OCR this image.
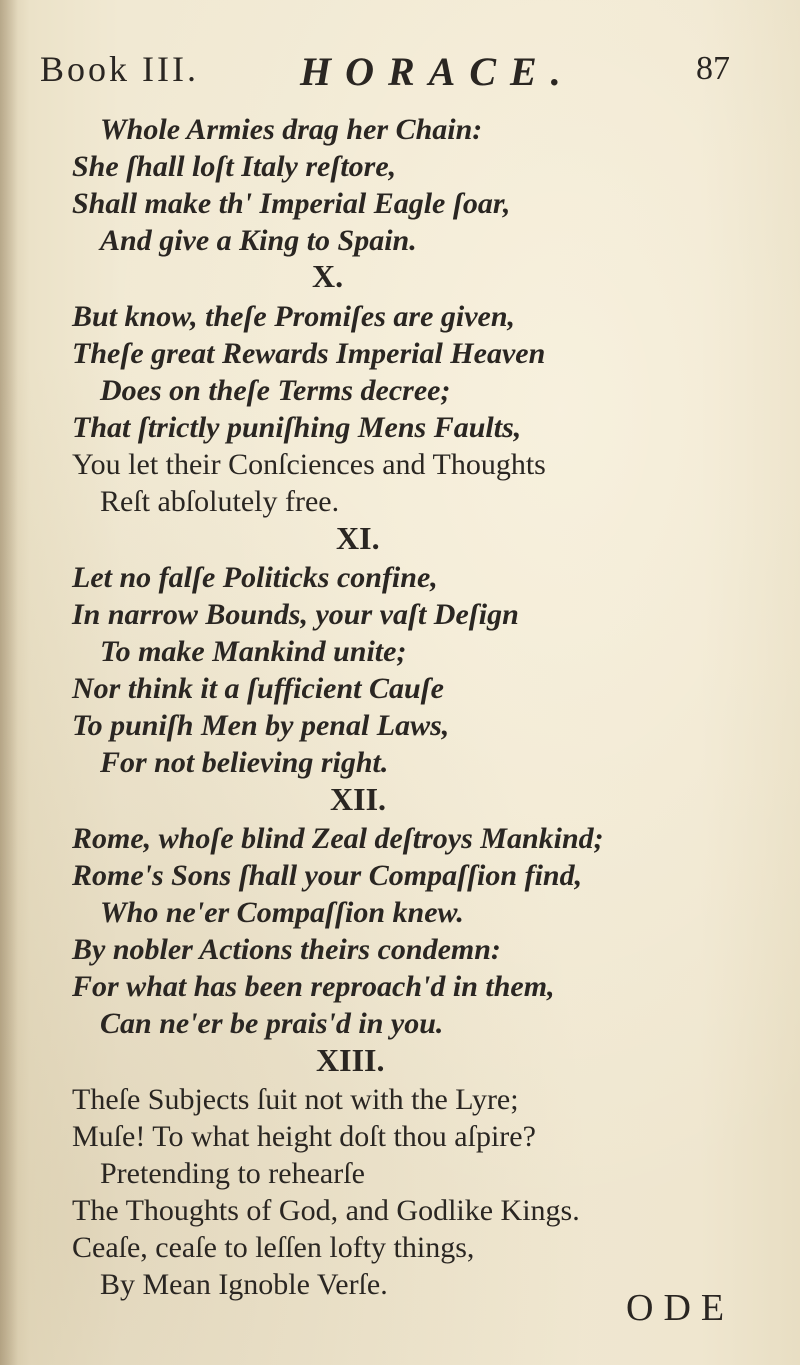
Book III.	HORACE.	87
Whole Armies drag her Chain:
She ſhall loſt Italy reſtore,
Shall make th' Imperial Eagle ſoar,
And give a King to Spain.
X.
But know, theſe Promiſes are given,
Theſe great Rewards Imperial Heaven
Does on theſe Terms decree;
That ſtrictly puniſhing Mens Faults,
You let their Conſciences and Thoughts
Reſt abſolutely free.
XI.
Let no falſe Politicks confine,
In narrow Bounds, your vaſt Deſign
To make Mankind unite;
Nor think it a ſufficient Cauſe
To puniſh Men by penal Laws,
For not believing right.
XII.
Rome, whoſe blind Zeal deſtroys Mankind;
Rome's Sons ſhall your Compaſſion find,
Who ne'er Compaſſion knew.
By nobler Actions theirs condemn:
For what has been reproach'd in them,
Can ne'er be prais'd in you.
XIII.
Theſe Subjects ſuit not with the Lyre;
Muſe! To what height doſt thou aſpire?
Pretending to rehearſe
The Thoughts of God, and Godlike Kings.
Ceaſe, ceaſe to leſſen lofty things,
By Mean Ignoble Verſe.
ODE
